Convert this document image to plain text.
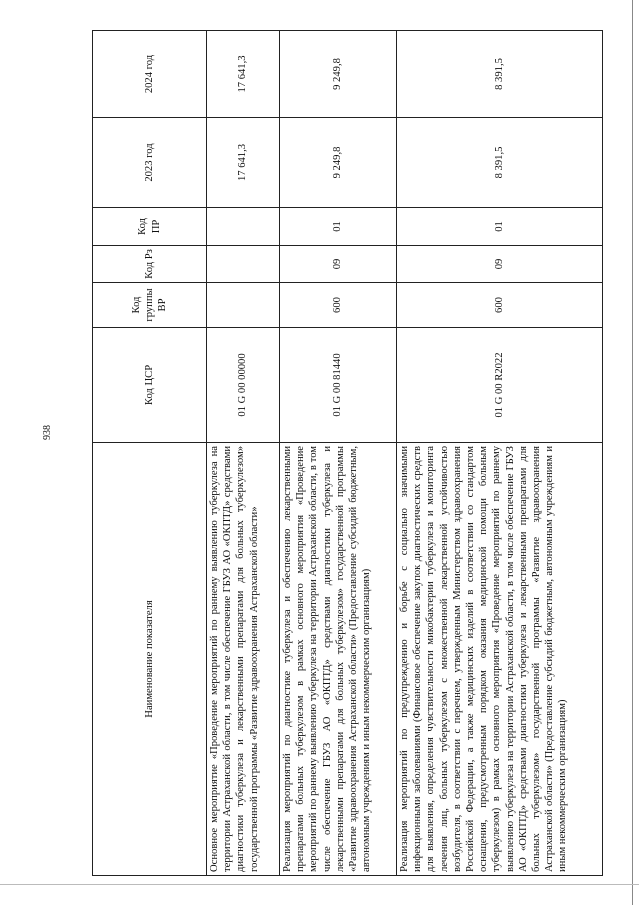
938
Наименование показателя	Код ЦСР	Код группы ВР	Код Рз	Код ПР	2023 год	2024 год
Основное мероприятие «Проведение мероприятий по раннему выявлению туберкулеза на территории Астраханской области, в том числе обеспечение ГБУЗ АО «ОКПТД» средствами диагностики туберкулеза и лекарственными препаратами для больных туберкулезом» государственной программы «Развитие здравоохранения Астраханской области»	01 G 00 00000				17 641,3	17 641,3
Реализация мероприятий по диагностике туберкулеза и обеспечению лекарственными препаратами больных туберкулезом в рамках основного мероприятия «Проведение мероприятий по раннему выявлению туберкулеза на территории Астраханской области, в том числе обеспечение ГБУЗ АО «ОКПТД» средствами диагностики туберкулеза и лекарственными препаратами для больных туберкулезом» государственной программы «Развитие здравоохранения Астраханской области» (Предоставление субсидий бюджетным, автономным учреждениям и иным некоммерческим организациям)	01 G 00 81440	600	09	01	9 249,8	9 249,8
Реализация мероприятий по предупреждению и борьбе с социально значимыми инфекционными заболеваниями (Финансовое обеспечение закупок диагностических средств для выявления, определения чувствительности микобактерии туберкулеза и мониторинга лечения лиц, больных туберкулезом с множественной лекарственной устойчивостью возбудителя, в соответствии с перечнем, утвержденным Министерством здравоохранения Российской Федерации, а также медицинских изделий в соответствии со стандартом оснащения, предусмотренным порядком оказания медицинской помощи больным туберкулезом) в рамках основного мероприятия «Проведение мероприятий по раннему выявлению туберкулеза на территории Астраханской области, в том числе обеспечение ГБУЗ АО «ОКПТД» средствами диагностики туберкулеза и лекарственными препаратами для больных туберкулезом» государственной программы «Развитие здравоохранения Астраханской области» (Предоставление субсидий бюджетным, автономным учреждениям и иным некоммерческим организациям)	01 G 00 R2022	600	09	01	8 391,5	8 391,5
